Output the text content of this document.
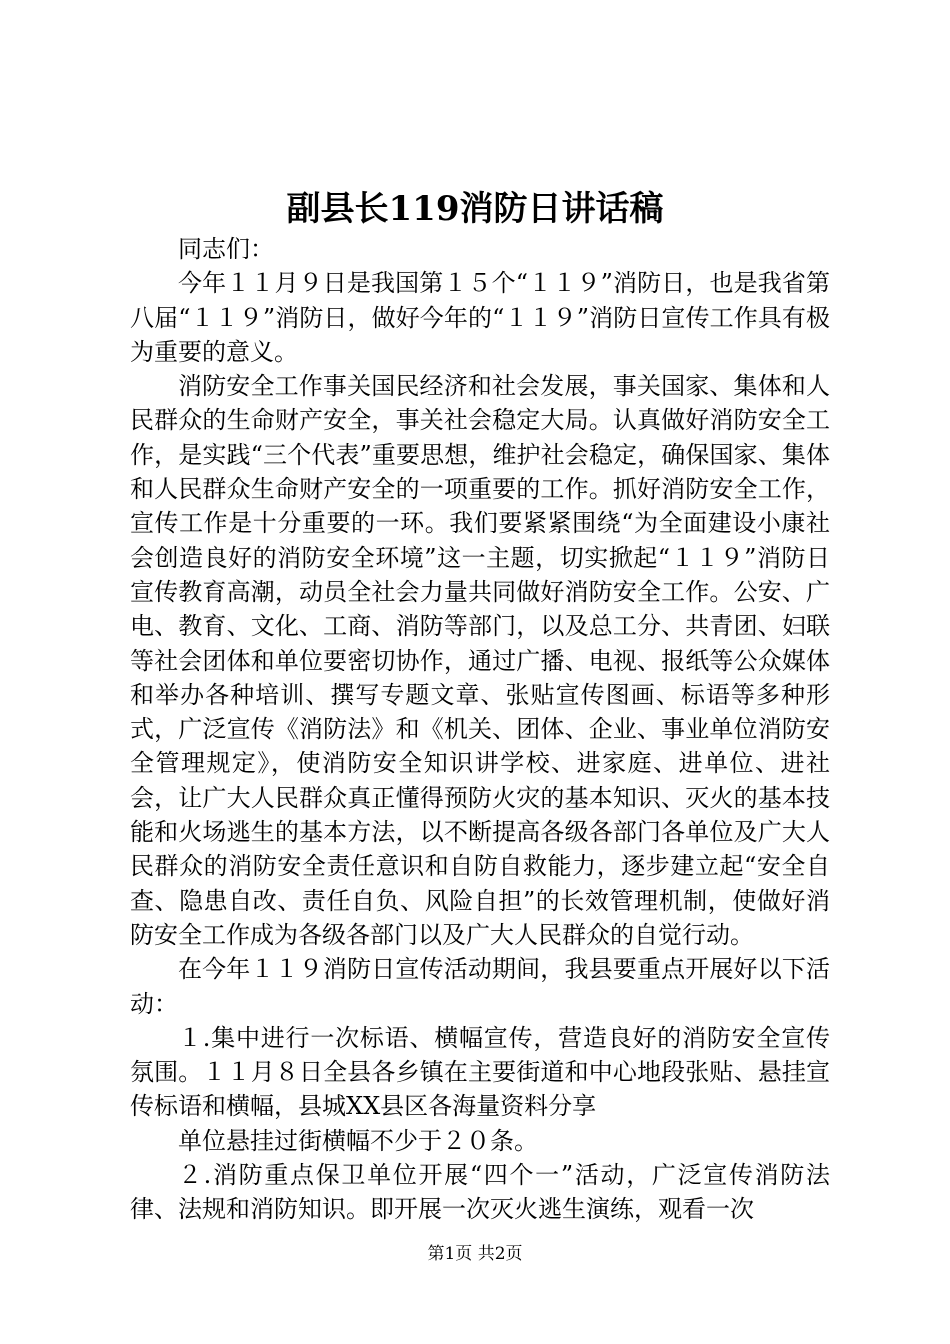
副县长119消防日讲话稿

同志们：

今年１１月９日是我国第１５个“１１９”消防日，也是我省第八届“１１９”消防日，做好今年的“１１９”消防日宣传工作具有极为重要的意义。

消防安全工作事关国民经济和社会发展，事关国家、集体和人民群众的生命财产安全，事关社会稳定大局。认真做好消防安全工作，是实践“三个代表”重要思想，维护社会稳定，确保国家、集体和人民群众生命财产安全的一项重要的工作。抓好消防安全工作，宣传工作是十分重要的一环。我们要紧紧围绕“为全面建设小康社会创造良好的消防安全环境”这一主题，切实掀起“１１９”消防日宣传教育高潮，动员全社会力量共同做好消防安全工作。公安、广电、教育、文化、工商、消防等部门，以及总工分、共青团、妇联等社会团体和单位要密切协作，通过广播、电视、报纸等公众媒体和举办各种培训、撰写专题文章、张贴宣传图画、标语等多种形式，广泛宣传《消防法》和《机关、团体、企业、事业单位消防安全管理规定》，使消防安全知识讲学校、进家庭、进单位、进社会，让广大人民群众真正懂得预防火灾的基本知识、灭火的基本技能和火场逃生的基本方法，以不断提高各级各部门各单位及广大人民群众的消防安全责任意识和自防自救能力，逐步建立起“安全自查、隐患自改、责任自负、风险自担”的长效管理机制，使做好消防安全工作成为各级各部门以及广大人民群众的自觉行动。

在今年１１９消防日宣传活动期间，我县要重点开展好以下活动：

１.集中进行一次标语、横幅宣传，营造良好的消防安全宣传氛围。１１月８日全县各乡镇在主要街道和中心地段张贴、悬挂宣传标语和横幅，县城XX县区各海量资料分享

单位悬挂过街横幅不少于２０条。

２.消防重点保卫单位开展“四个一”活动，广泛宣传消防法律、法规和消防知识。即开展一次灭火逃生演练，观看一次

第1页 共2页
